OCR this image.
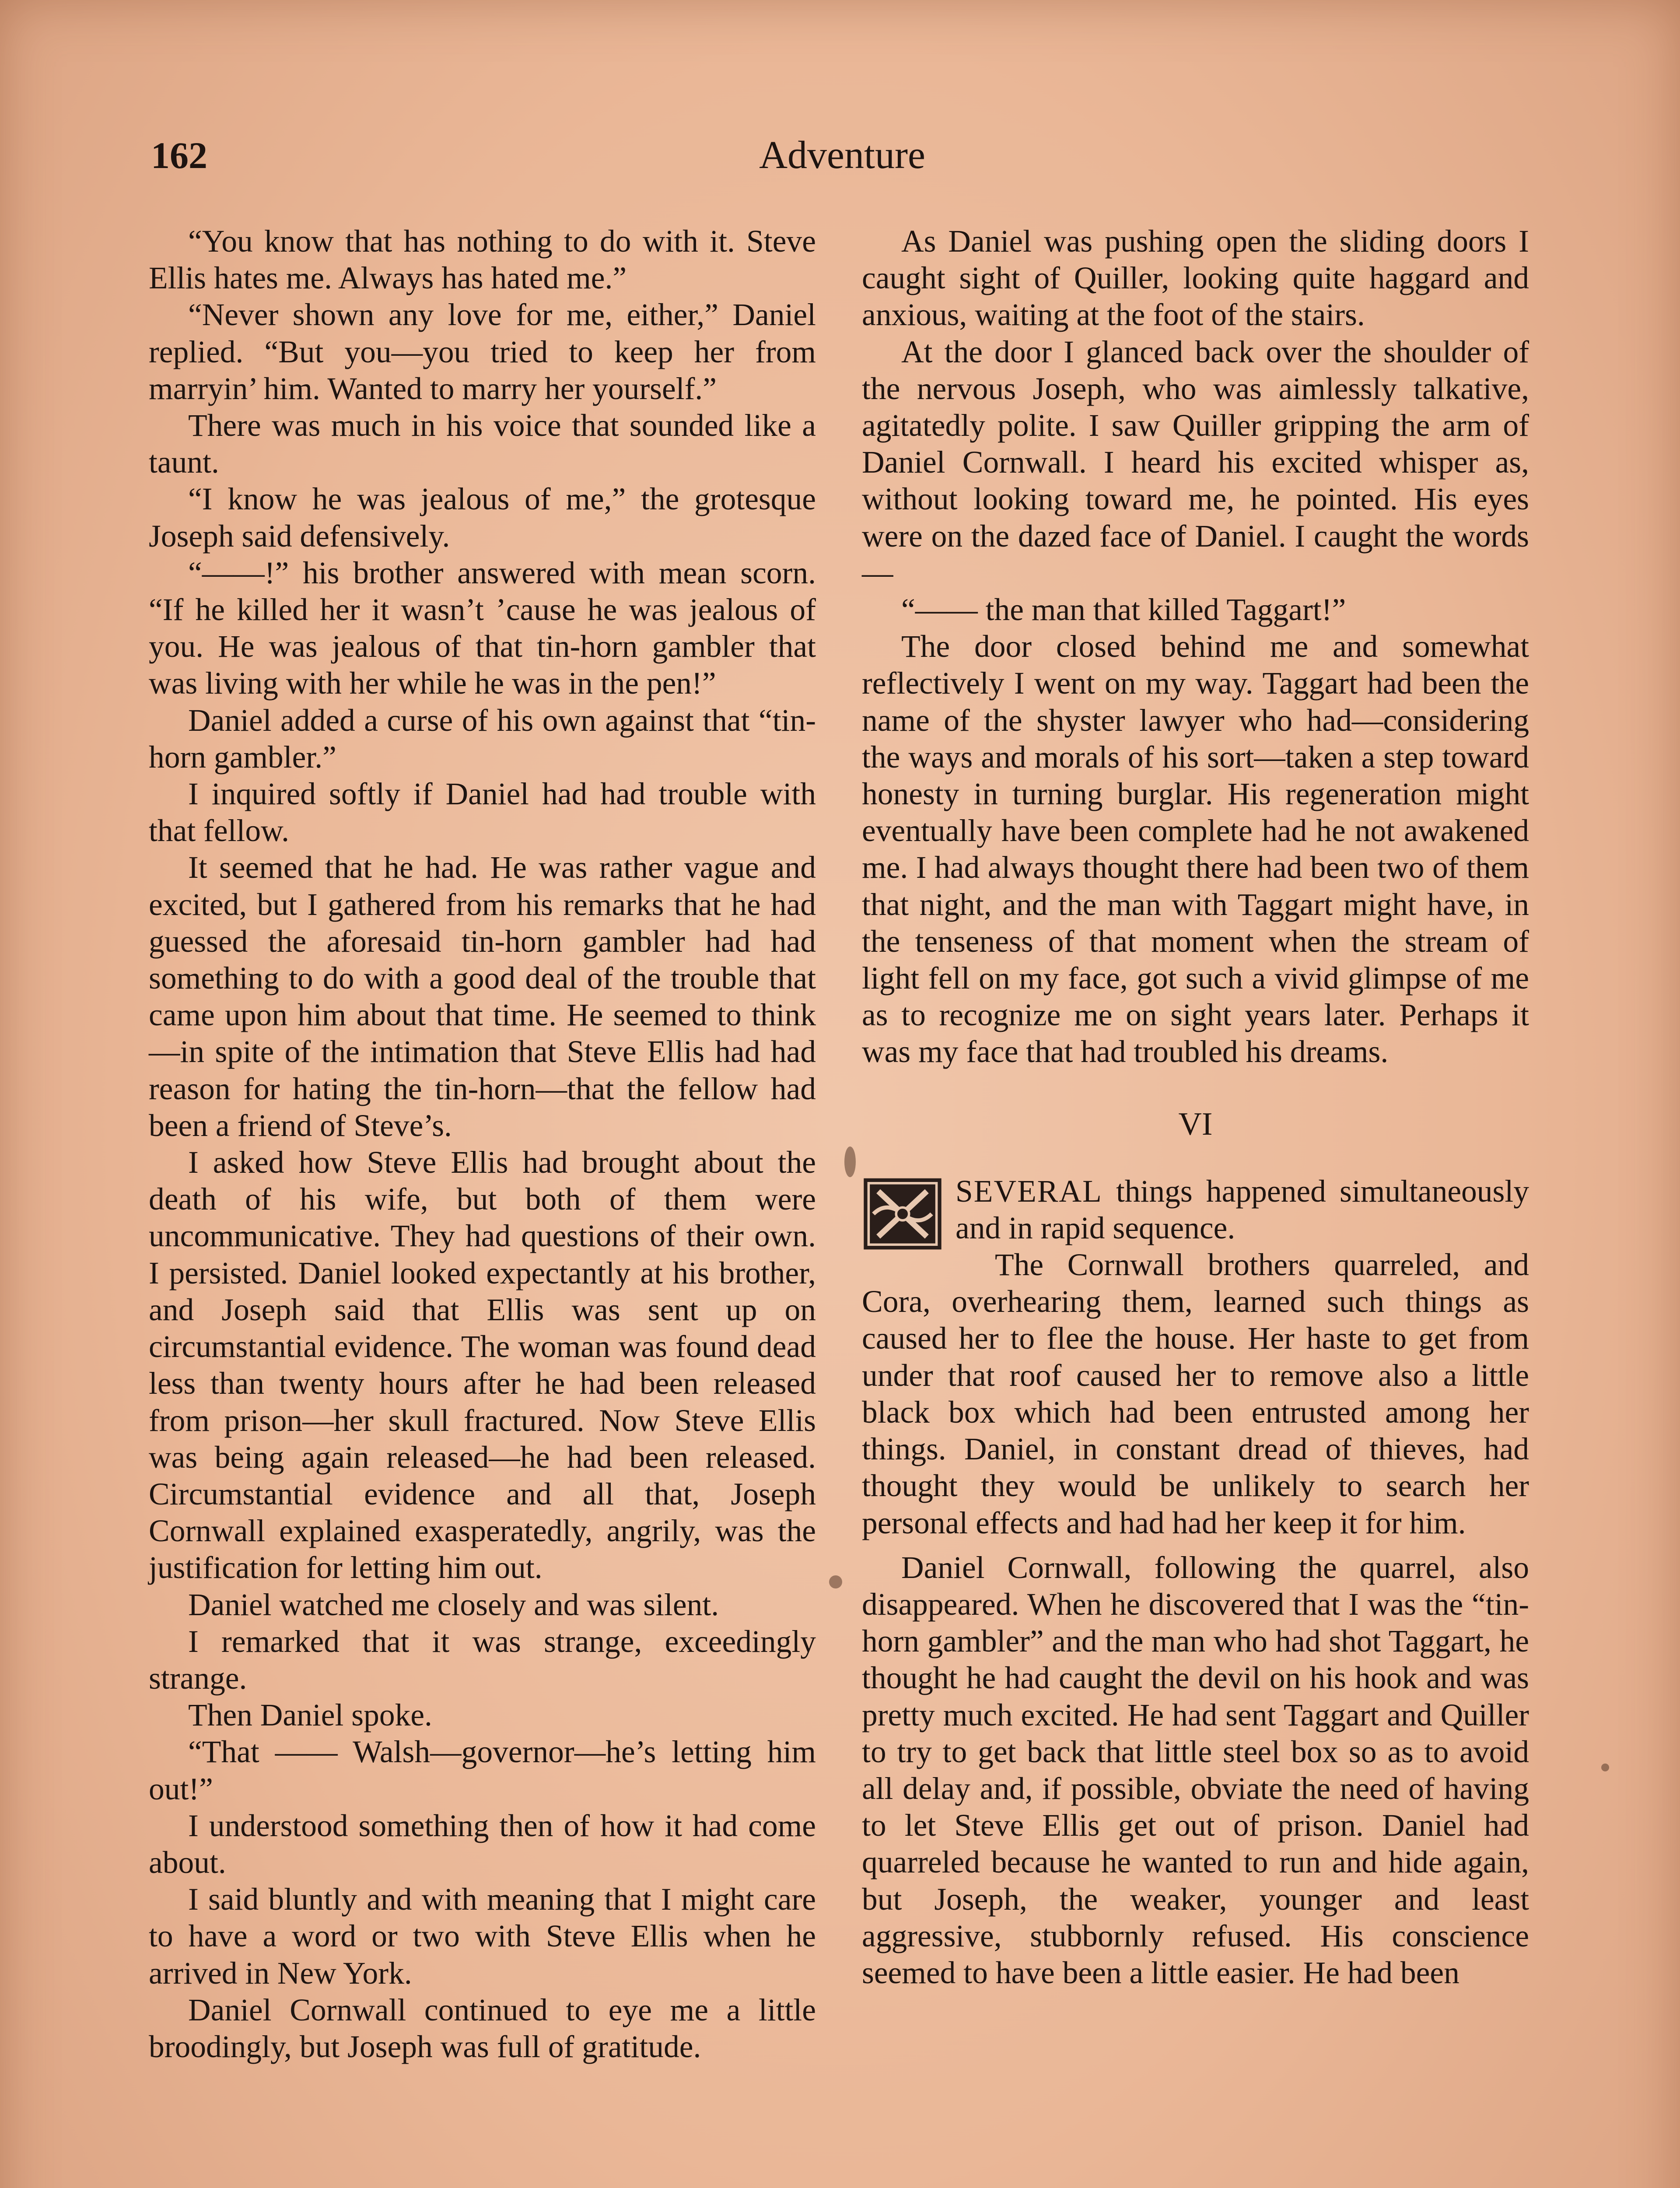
162	Adventure

“You know that has nothing to do with it. Steve Ellis hates me. Always has hated me.”

“Never shown any love for me, either,” Daniel replied. “But you—you tried to keep her from marryin’ him. Wanted to marry her yourself.”

There was much in his voice that sounded like a taunt.

“I know he was jealous of me,” the grotesque Joseph said defensively.

“——!” his brother answered with mean scorn. “If he killed her it wasn’t ’cause he was jealous of you. He was jealous of that tin-horn gambler that was living with her while he was in the pen!”

Daniel added a curse of his own against that “tin-horn gambler.”

I inquired softly if Daniel had had trouble with that fellow.

It seemed that he had. He was rather vague and excited, but I gathered from his remarks that he had guessed the aforesaid tin-horn gambler had had something to do with a good deal of the trouble that came upon him about that time. He seemed to think—in spite of the intimation that Steve Ellis had had reason for hating the tin-horn—that the fellow had been a friend of Steve’s.

I asked how Steve Ellis had brought about the death of his wife, but both of them were uncommunicative. They had questions of their own. I persisted. Daniel looked expectantly at his brother, and Joseph said that Ellis was sent up on circumstantial evidence. The woman was found dead less than twenty hours after he had been released from prison—her skull fractured. Now Steve Ellis was being again released—he had been released. Circumstantial evidence and all that, Joseph Cornwall explained exasperatedly, angrily, was the justification for letting him out.

Daniel watched me closely and was silent.

I remarked that it was strange, exceedingly strange.

Then Daniel spoke.

“That —— Walsh—governor—he’s letting him out!”

I understood something then of how it had come about.

I said bluntly and with meaning that I might care to have a word or two with Steve Ellis when he arrived in New York.

Daniel Cornwall continued to eye me a little broodingly, but Joseph was full of gratitude.

As Daniel was pushing open the sliding doors I caught sight of Quiller, looking quite haggard and anxious, waiting at the foot of the stairs.

At the door I glanced back over the shoulder of the nervous Joseph, who was aimlessly talkative, agitatedly polite. I saw Quiller gripping the arm of Daniel Cornwall. I heard his excited whisper as, without looking toward me, he pointed. His eyes were on the dazed face of Daniel. I caught the words—

“—— the man that killed Taggart!”

The door closed behind me and somewhat reflectively I went on my way. Taggart had been the name of the shyster lawyer who had—considering the ways and morals of his sort—taken a step toward honesty in turning burglar. His regeneration might eventually have been complete had he not awakened me. I had always thought there had been two of them that night, and the man with Taggart might have, in the tenseness of that moment when the stream of light fell on my face, got such a vivid glimpse of me as to recognize me on sight years later. Perhaps it was my face that had troubled his dreams.

VI

SEVERAL things happened simultaneously and in rapid sequence.
The Cornwall brothers quarreled, and Cora, overhearing them, learned such things as caused her to flee the house. Her haste to get from under that roof caused her to remove also a little black box which had been entrusted among her things. Daniel, in constant dread of thieves, had thought they would be unlikely to search her personal effects and had had her keep it for him.

Daniel Cornwall, following the quarrel, also disappeared. When he discovered that I was the “tin-horn gambler” and the man who had shot Taggart, he thought he had caught the devil on his hook and was pretty much excited. He had sent Taggart and Quiller to try to get back that little steel box so as to avoid all delay and, if possible, obviate the need of having to let Steve Ellis get out of prison. Daniel had quarreled because he wanted to run and hide again, but Joseph, the weaker, younger and least aggressive, stubbornly refused. His conscience seemed to have been a little easier. He had been
